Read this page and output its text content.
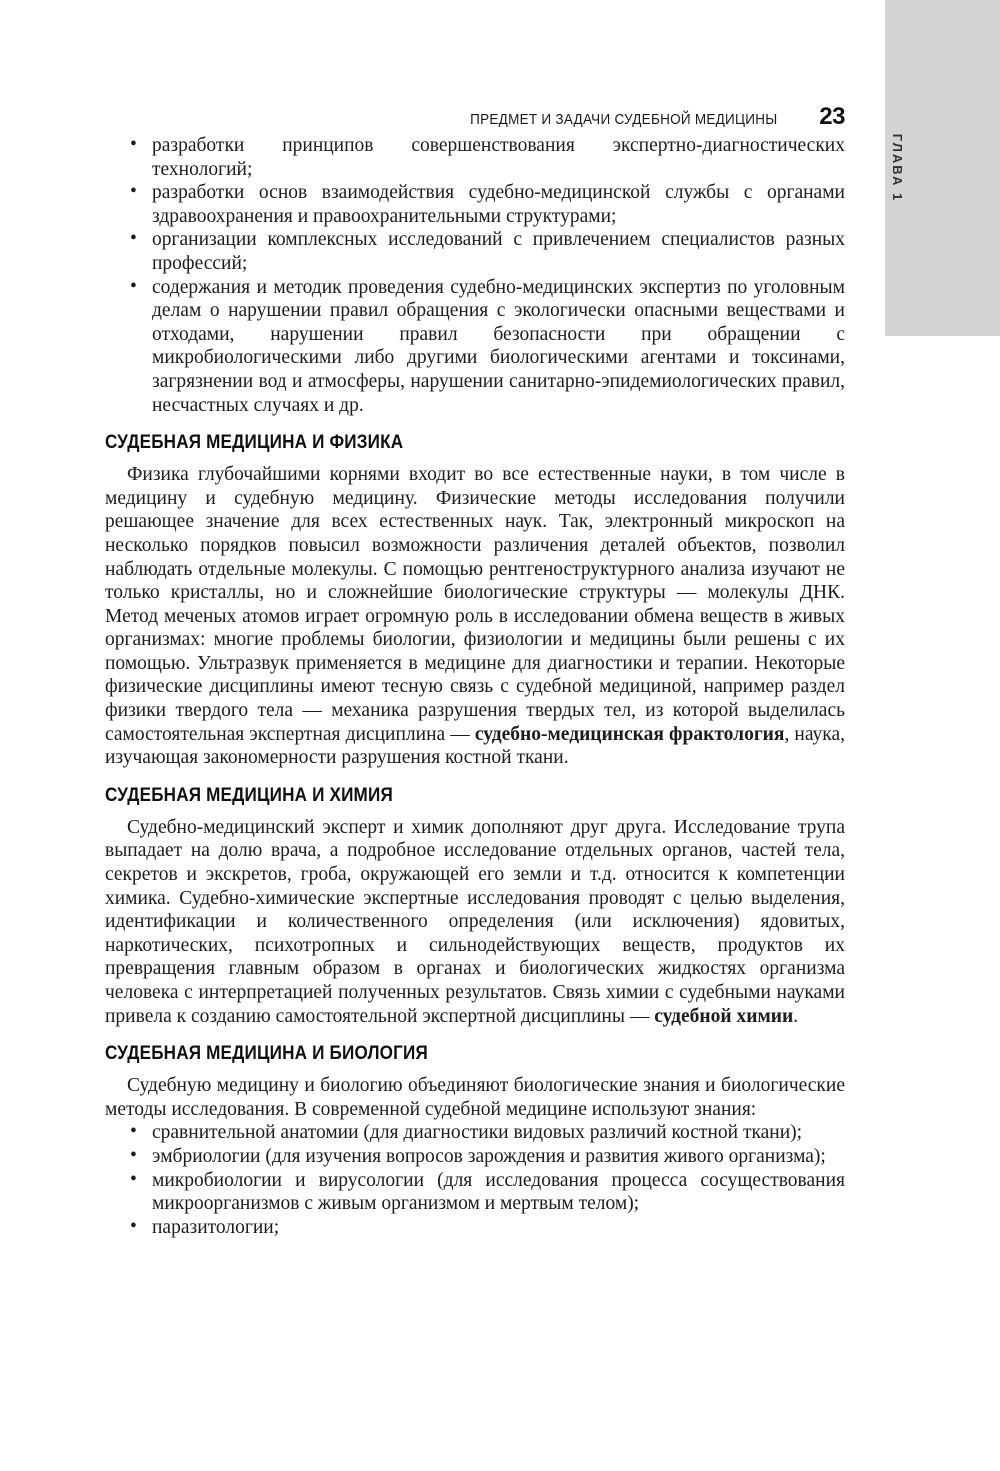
ГЛАВА 1
ПРЕДМЕТ И ЗАДАЧИ СУДЕБНОЙ МЕДИЦИНЫ 23
• разработки принципов совершенствования экспертно-диагностических технологий;
• разработки основ взаимодействия судебно-медицинской службы с органами здравоохранения и правоохранительными структурами;
• организации комплексных исследований с привлечением специалистов разных профессий;
• содержания и методик проведения судебно-медицинских экспертиз по уголовным делам о нарушении правил обращения с экологически опасными веществами и отходами, нарушении правил безопасности при обращении с микробиологическими либо другими биологическими агентами и токсинами, загрязнении вод и атмосферы, нарушении санитарно-эпидемиологических правил, несчастных случаях и др.
СУДЕБНАЯ МЕДИЦИНА И ФИЗИКА

Физика глубочайшими корнями входит во все естественные науки, в том числе в медицину и судебную медицину. Физические методы исследования получили решающее значение для всех естественных наук. Так, электронный микроскоп на несколько порядков повысил возможности различения деталей объектов, позволил наблюдать отдельные молекулы. С помощью рентгеноструктурного анализа изучают не только кристаллы, но и сложнейшие биологические структуры — молекулы ДНК. Метод меченых атомов играет огромную роль в исследовании обмена веществ в живых организмах: многие проблемы биологии, физиологии и медицины были решены с их помощью. Ультразвук применяется в медицине для диагностики и терапии. Некоторые физические дисциплины имеют тесную связь с судебной медициной, например раздел физики твердого тела — механика разрушения твердых тел, из которой выделилась самостоятельная экспертная дисциплина — судебно-медицинская фрактология, наука, изучающая закономерности разрушения костной ткани.

СУДЕБНАЯ МЕДИЦИНА И ХИМИЯ

Судебно-медицинский эксперт и химик дополняют друг друга. Исследование трупа выпадает на долю врача, а подробное исследование отдельных органов, частей тела, секретов и экскретов, гроба, окружающей его земли и т.д. относится к компетенции химика. Судебно-химические экспертные исследования проводят с целью выделения, идентификации и количественного определения (или исключения) ядовитых, наркотических, психотропных и сильнодействующих веществ, продуктов их превращения главным образом в органах и биологических жидкостях организма человека с интерпретацией полученных результатов. Связь химии с судебными науками привела к созданию самостоятельной экспертной дисциплины — судебной химии.

СУДЕБНАЯ МЕДИЦИНА И БИОЛОГИЯ

Судебную медицину и биологию объединяют биологические знания и биологические методы исследования. В современной судебной медицине используют знания:

• сравнительной анатомии (для диагностики видовых различий костной ткани);
• эмбриологии (для изучения вопросов зарождения и развития живого организма);
• микробиологии и вирусологии (для исследования процесса сосуществования микроорганизмов с живым организмом и мертвым телом);
• паразитологии;
